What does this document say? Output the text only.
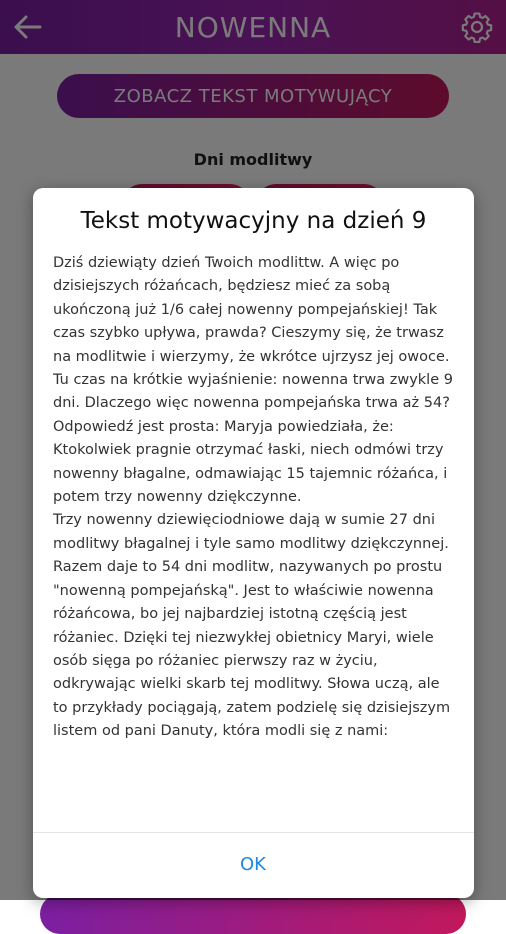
Tekst motywacyjny na dzień 9

Dziś dziewiąty dzień Twoich modlittw. A więc po dzisiejszych różańcach, będziesz mieć za sobą ukończoną już 1/6 całej nowenny pompejańskiej! Tak czas szybko upływa, prawda? Cieszymy się, że trwasz na modlitwie i wierzymy, że wkrótce ujrzysz jej owoce.

Tu czas na krótkie wyjaśnienie: nowenna trwa zwykle 9 dni. Dlaczego więc nowenna pompejańska trwa aż 54? Odpowiedź jest prosta: Maryja powiedziała, że:

Ktokolwiek pragnie otrzymać łaski, niech odmówi trzy nowenny błagalne, odmawiając 15 tajemnic różańca, i potem trzy nowenny dziękczynne.

Trzy nowenny dziewięciodniowe dają w sumie 27 dni modlitwy błagalnej i tyle samo modlitwy dziękczynnej. Razem daje to 54 dni modlitw, nazywanych po prostu "nowenną pompejańską". Jest to właściwie nowenna różańcowa, bo jej najbardziej istotną częścią jest różaniec. Dzięki tej niezwykłej obietnicy Maryi, wiele osób sięga po różaniec pierwszy raz w życiu, odkrywając wielki skarb tej modlitwy. Słowa uczą, ale to przykłady pociągają, zatem podzielę się dzisiejszym listem od pani Danuty, która modli się z nami:

OK
